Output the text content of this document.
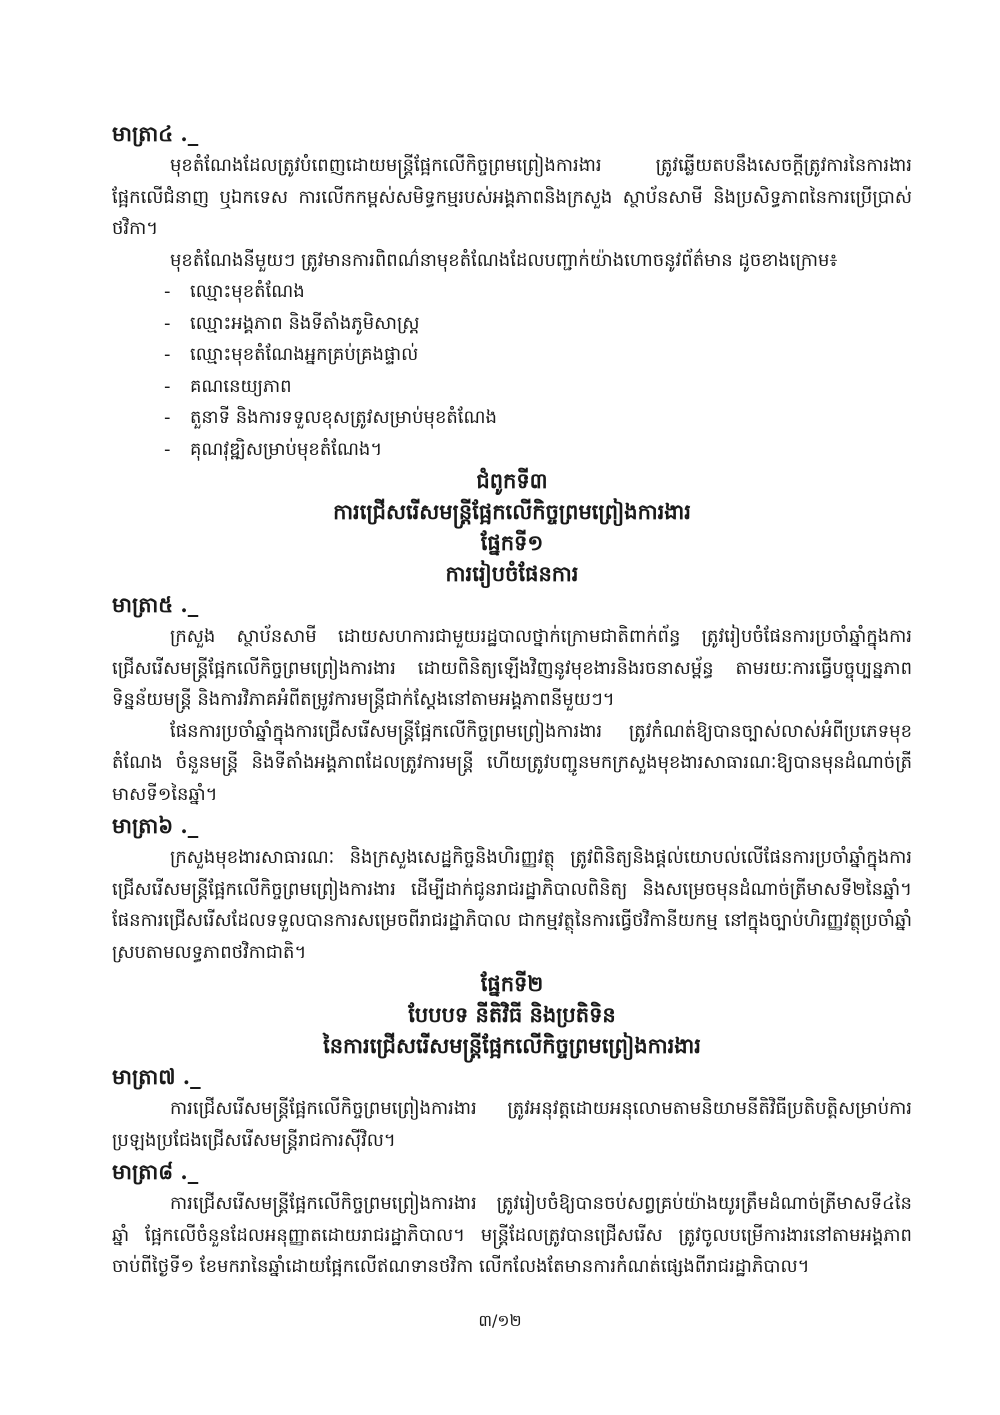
មាត្រា៤ ._

មុខតំណែងដែលត្រូវបំពេញដោយមន្ត្រីផ្អែកលើកិច្ចព្រមព្រៀងការងារ ត្រូវឆ្លើយតបនឹងសេចក្តីត្រូវការនៃការងារផ្អែកលើជំនាញ ឬឯកទេស ការលើកកម្ពស់សមិទ្ធកម្មរបស់អង្គភាពនិងក្រសួង ស្ថាប័នសាមី និងប្រសិទ្ធភាពនៃការប្រើប្រាស់ថវិកា។

មុខតំណែងនីមួយៗ ត្រូវមានការពិពណ៌នាមុខតំណែងដែលបញ្ជាក់យ៉ាងហោចនូវព័ត៌មាន ដូចខាងក្រោម៖

- ឈ្មោះមុខតំណែង
- ឈ្មោះអង្គភាព និងទីតាំងភូមិសាស្ត្រ
- ឈ្មោះមុខតំណែងអ្នកគ្រប់គ្រងផ្ទាល់
- គណនេយ្យភាព
- តួនាទី និងការទទួលខុសត្រូវសម្រាប់មុខតំណែង
- គុណវុឌ្ឍិសម្រាប់មុខតំណែង។

ជំពូកទី៣

ការជ្រើសរើសមន្ត្រីផ្អែកលើកិច្ចព្រមព្រៀងការងារ

ផ្នែកទី១

ការរៀបចំផែនការ

មាត្រា៥ ._

ក្រសួង ស្ថាប័នសាមី ដោយសហការជាមួយរដ្ឋបាលថ្នាក់ក្រោមជាតិពាក់ព័ន្ធ ត្រូវរៀបចំផែនការប្រចាំឆ្នាំក្នុងការជ្រើសរើសមន្ត្រីផ្អែកលើកិច្ចព្រមព្រៀងការងារ ដោយពិនិត្យឡើងវិញនូវមុខងារនិងរចនាសម្ព័ន្ធ តាមរយៈការធ្វើបច្ចុប្បន្នភាពទិន្នន័យមន្ត្រី និងការវិភាគអំពីតម្រូវការមន្ត្រីជាក់ស្តែងនៅតាមអង្គភាពនីមួយៗ។

ផែនការប្រចាំឆ្នាំក្នុងការជ្រើសរើសមន្ត្រីផ្អែកលើកិច្ចព្រមព្រៀងការងារ ត្រូវកំណត់ឱ្យបានច្បាស់លាស់អំពីប្រភេទមុខតំណែង ចំនួនមន្ត្រី និងទីតាំងអង្គភាពដែលត្រូវការមន្ត្រី ហើយត្រូវបញ្ជូនមកក្រសួងមុខងារសាធារណៈឱ្យបានមុនដំណាច់ត្រីមាសទី១នៃឆ្នាំ។

មាត្រា៦ ._

ក្រសួងមុខងារសាធារណៈ និងក្រសួងសេដ្ឋកិច្ចនិងហិរញ្ញវត្ថុ ត្រូវពិនិត្យនិងផ្តល់យោបល់លើផែនការប្រចាំឆ្នាំក្នុងការជ្រើសរើសមន្ត្រីផ្អែកលើកិច្ចព្រមព្រៀងការងារ ដើម្បីដាក់ជូនរាជរដ្ឋាភិបាលពិនិត្យ និងសម្រេចមុនដំណាច់ត្រីមាសទី២នៃឆ្នាំ។ ផែនការជ្រើសរើសដែលទទួលបានការសម្រេចពីរាជរដ្ឋាភិបាល ជាកម្មវត្ថុនៃការធ្វើថវិកានីយកម្ម នៅក្នុងច្បាប់ហិរញ្ញវត្ថុប្រចាំឆ្នាំស្របតាមលទ្ធភាពថវិកាជាតិ។

ផ្នែកទី២

បែបបទ នីតិវិធី និងប្រតិទិន

នៃការជ្រើសរើសមន្ត្រីផ្អែកលើកិច្ចព្រមព្រៀងការងារ

មាត្រា៧ ._

ការជ្រើសរើសមន្ត្រីផ្អែកលើកិច្ចព្រមព្រៀងការងារ ត្រូវអនុវត្តដោយអនុលោមតាមនិយាមនីតិវិធីប្រតិបត្តិសម្រាប់ការប្រឡងប្រជែងជ្រើសរើសមន្ត្រីរាជការស៊ីវិល។

មាត្រា៨ ._

ការជ្រើសរើសមន្ត្រីផ្អែកលើកិច្ចព្រមព្រៀងការងារ ត្រូវរៀបចំឱ្យបានចប់សព្វគ្រប់យ៉ាងយូរត្រឹមដំណាច់ត្រីមាសទី៤នៃឆ្នាំ ផ្អែកលើចំនួនដែលអនុញ្ញាតដោយរាជរដ្ឋាភិបាល។ មន្ត្រីដែលត្រូវបានជ្រើសរើស ត្រូវចូលបម្រើការងារនៅតាមអង្គភាពចាប់ពីថ្ងៃទី១ ខែមករានៃឆ្នាំដោយផ្អែកលើឥណទានថវិកា លើកលែងតែមានការកំណត់ផ្សេងពីរាជរដ្ឋាភិបាល។

៣/១២
